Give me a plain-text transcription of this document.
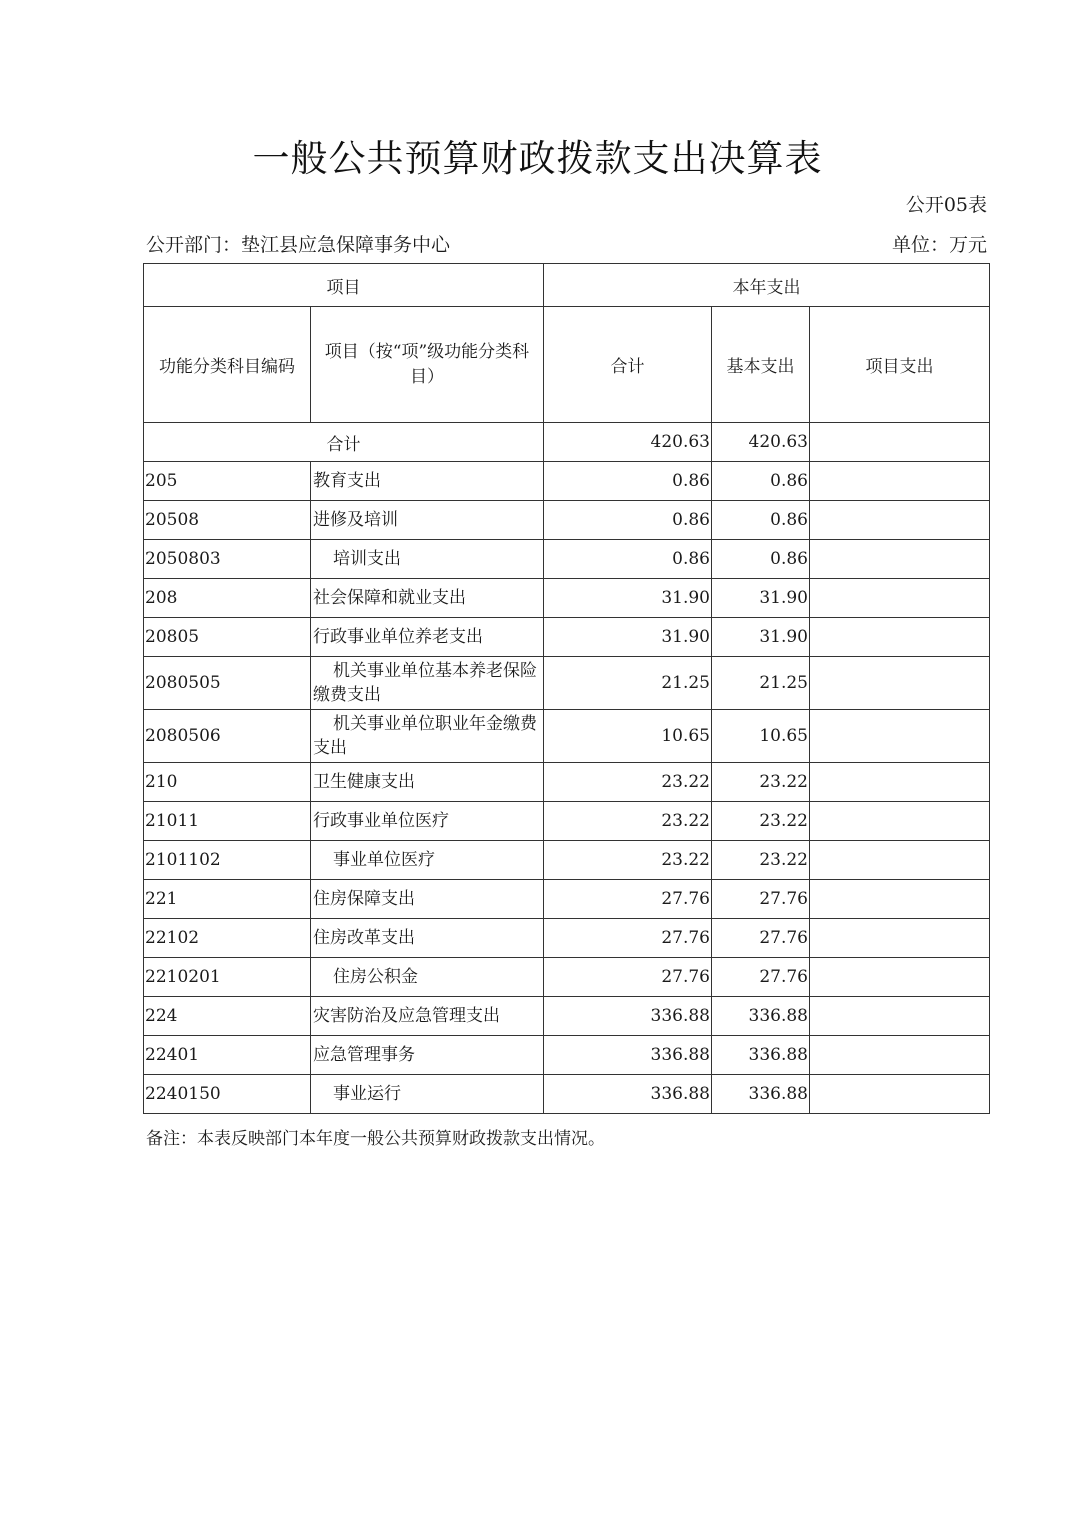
一般公共预算财政拨款支出决算表
公开05表
公开部门：垫江县应急保障事务中心	单位：万元
项目		本年支出		
功能分类科目编码	项目（按“项”级功能分类科目）	合计	基本支出	项目支出
合计		420.63	420.63	
205	教育支出	0.86	0.86	
20508	进修及培训	0.86	0.86	
2050803	培训支出	0.86	0.86	
208	社会保障和就业支出	31.90	31.90	
20805	行政事业单位养老支出	31.90	31.90	
2080505	机关事业单位基本养老保险缴费支出	21.25	21.25	
2080506	机关事业单位职业年金缴费支出	10.65	10.65	
210	卫生健康支出	23.22	23.22	
21011	行政事业单位医疗	23.22	23.22	
2101102	事业单位医疗	23.22	23.22	
221	住房保障支出	27.76	27.76	
22102	住房改革支出	27.76	27.76	
2210201	住房公积金	27.76	27.76	
224	灾害防治及应急管理支出	336.88	336.88	
22401	应急管理事务	336.88	336.88	
2240150	事业运行	336.88	336.88	
备注：本表反映部门本年度一般公共预算财政拨款支出情况。
